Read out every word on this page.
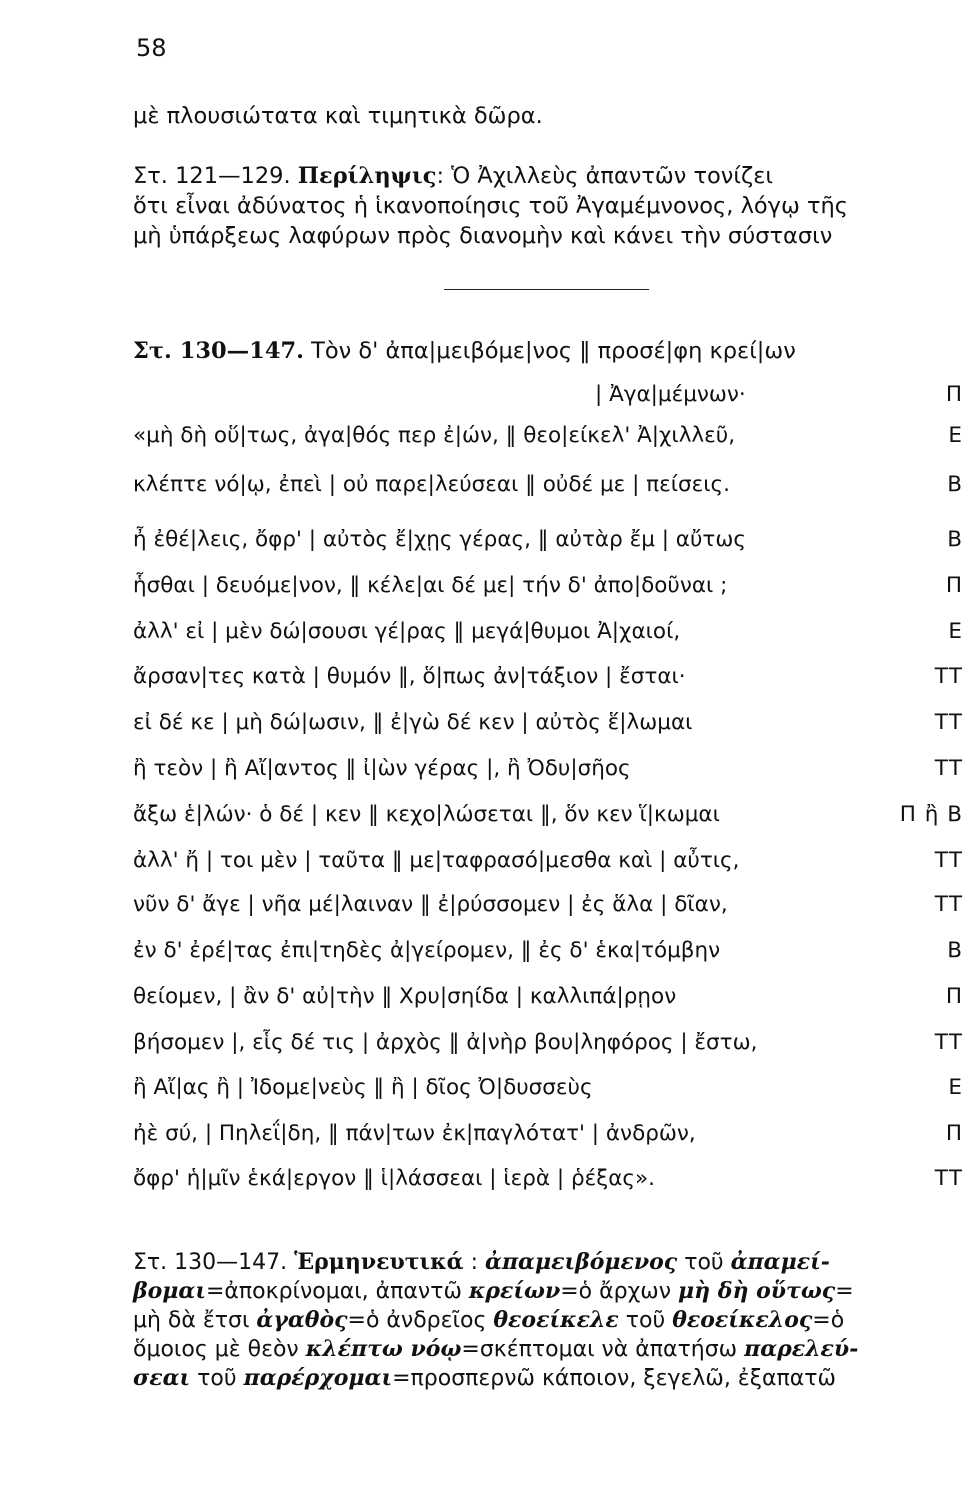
58
μὲ πλουσιώτατα καὶ τιμητικὰ δῶρα.
Στ. 121—129. Περίληψις: Ὁ Ἀχιλλεὺς ἀπαντῶν τονίζει
ὅτι εἶναι ἀδύνατος ἡ ἱκανοποίησις τοῦ Ἀγαμέμνονος, λόγῳ τῆς
μὴ ὑπάρξεως λαφύρων πρὸς διανομὴν καὶ κάνει τὴν σύστασιν
Στ. 130—147. Τὸν δ' ἀπα|μειβόμε|νος ‖ προσέ|φη κρεί|ων
| Ἀγα|μέμνων·	Π
«μὴ δὴ οὕ|τως, ἀγα|θός περ ἐ|ών, ‖ θεο|είκελ' Ἀ|χιλλεῦ,	Ε
κλέπτε νό|ῳ, ἐπεὶ | οὐ παρε|λεύσεαι ‖ οὐδέ με | πείσεις.	Β
ἦ ἐθέ|λεις, ὄφρ' | αὐτὸς ἔ|χῃς γέρας, ‖ αὐτὰρ ἔμ | αὔτως	Β
ἧσθαι | δευόμε|νον, ‖ κέλε|αι δέ με| τήν δ' ἀπο|δοῦναι ;	Π
ἀλλ' εἰ | μὲν δώ|σουσι γέ|ρας ‖ μεγά|θυμοι Ἀ|χαιοί,	Ε
ἄρσαν|τες κατὰ | θυμόν ‖, ὅ|πως ἀν|τάξιον | ἔσται·	ΤΤ
εἰ δέ κε | μὴ δώ|ωσιν, ‖ ἐ|γὼ δέ κεν | αὐτὸς ἕ|λωμαι	ΤΤ
ἢ τεὸν | ἢ Αἴ|αντος ‖ ἰ|ὼν γέρας |, ἢ Ὀδυ|σῆος	ΤΤ
ἄξω ἑ|λών· ὁ δέ | κεν ‖ κεχο|λώσεται ‖, ὅν κεν ἵ|κωμαι	Π ἢ Β
ἀλλ' ἤ | τοι μὲν | ταῦτα ‖ με|ταφρασό|μεσθα καὶ | αὖτις,	ΤΤ
νῦν δ' ἄγε | νῆα μέ|λαιναν ‖ ἐ|ρύσσομεν | ἐς ἅλα | δῖαν,	ΤΤ
ἐν δ' ἐρέ|τας ἐπι|τηδὲς ἀ|γείρομεν, ‖ ἐς δ' ἑκα|τόμβην	Β
θείομεν, | ἂν δ' αὐ|τὴν ‖ Χρυ|σηίδα | καλλιπά|ρῃον	Π
βήσομεν |, εἷς δέ τις | ἀρχὸς ‖ ἀ|νὴρ βου|ληφόρος | ἔστω,	ΤΤ
ἢ Αἴ|ας ἢ | Ἰδομε|νεὺς ‖ ἢ | δῖος Ὀ|δυσσεὺς	Ε
ἠὲ σύ, | Πηλεΐ|δη, ‖ πάν|των ἐκ|παγλότατ' | ἀνδρῶν,	Π
ὄφρ' ἡ|μῖν ἑκά|εργον ‖ ἱ|λάσσεαι | ἱερὰ | ῥέξας».	ΤΤ
Στ. 130—147. Ἑρμηνευτικά : ἀπαμειβόμενος τοῦ ἀπαμεί-
βομαι=ἀποκρίνομαι, ἀπαντῶ κρείων=ὁ ἄρχων μὴ δὴ οὕτως=
μὴ δὰ ἔτσι ἀγαθὸς=ὁ ἀνδρεῖος θεοείκελε τοῦ θεοείκελος=ὁ
ὅμοιος μὲ θεὸν κλέπτω νόῳ=σκέπτομαι νὰ ἀπατήσω παρελεύ-
σεαι τοῦ παρέρχομαι=προσπερνῶ κάποιον, ξεγελῶ, ἐξαπατῶ
